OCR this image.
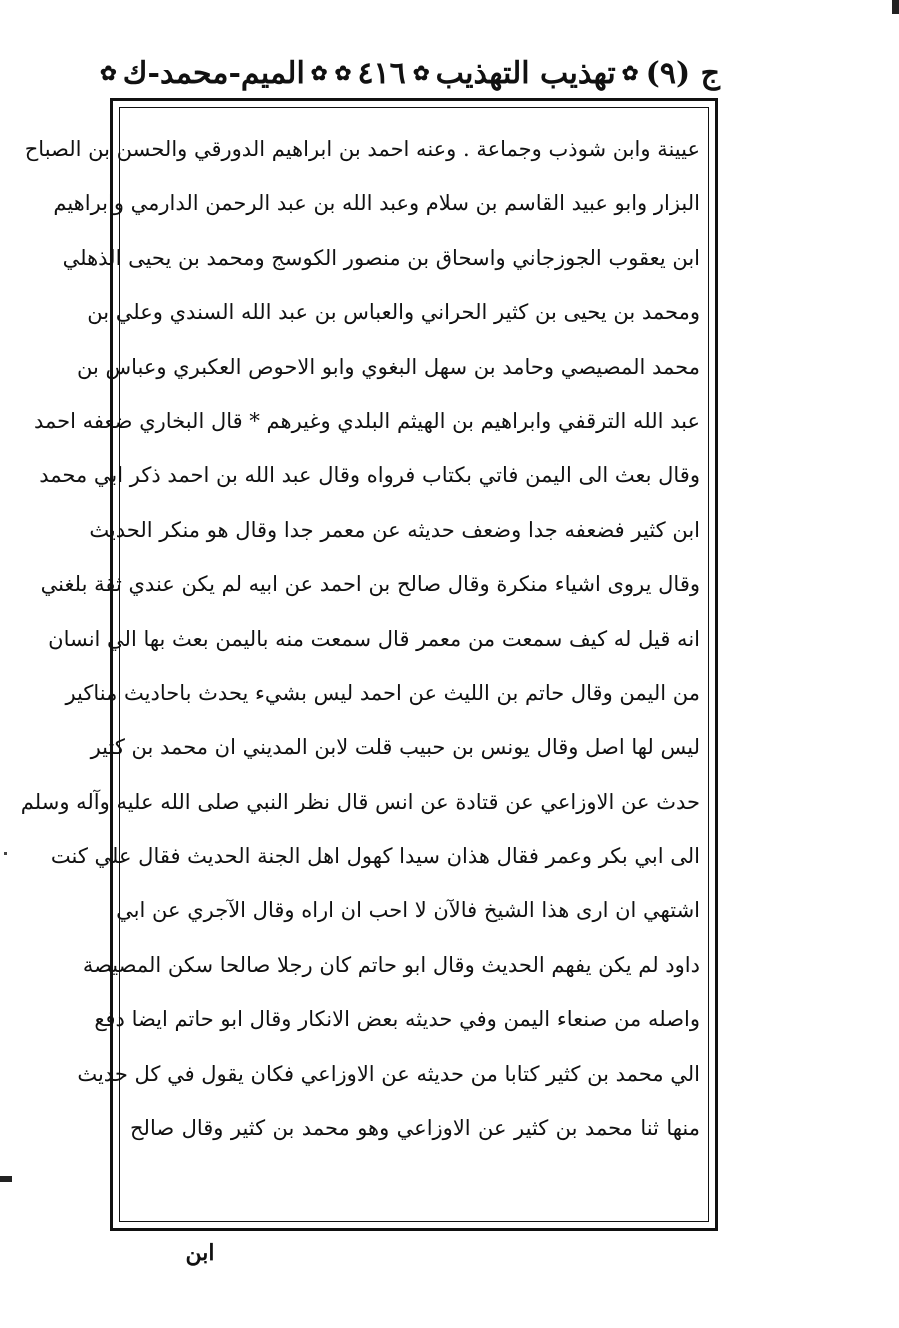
ج (٩)
✿
تهذيب التهذيب
✿
٤١٦
✿
✿
الميم-محمد-ك
✿
عيينة وابن شوذب وجماعة . وعنه احمد بن ابراهيم الدورقي والحسن بن الصباح
البزار وابو عبيد القاسم بن سلام وعبد الله بن عبد الرحمن الدارمي وابراهيم
ابن يعقوب الجوزجاني واسحاق بن منصور الكوسج ومحمد بن يحيى الذهلي
ومحمد بن يحيى بن كثير الحراني والعباس بن عبد الله السندي وعلي بن
محمد المصيصي وحامد بن سهل البغوي وابو الاحوص العكبري وعباس بن
عبد الله الترقفي وابراهيم بن الهيثم البلدي وغيرهم * قال البخاري ضعفه احمد
وقال بعث الى اليمن فاتي بكتاب فرواه وقال عبد الله بن احمد ذكر ابي محمد
ابن كثير فضعفه جدا وضعف حديثه عن معمر جدا وقال هو منكر الحديث
وقال يروى اشياء منكرة وقال صالح بن احمد عن ابيه لم يكن عندي ثقة بلغني
انه قيل له كيف سمعت من معمر قال سمعت منه باليمن بعث بها الي انسان
من اليمن وقال حاتم بن الليث عن احمد ليس بشيء يحدث باحاديث مناكير
ليس لها اصل وقال يونس بن حبيب قلت لابن المديني ان محمد بن كثير
حدث عن الاوزاعي عن قتادة عن انس قال نظر النبي صلى الله عليه وآله وسلم
الى ابي بكر وعمر فقال هذان سيدا كهول اهل الجنة الحديث فقال علي كنت
اشتهي ان ارى هذا الشيخ فالآن لا احب ان اراه وقال الآجري عن ابي
داود لم يكن يفهم الحديث وقال ابو حاتم كان رجلا صالحا سكن المصيصة
واصله من صنعاء اليمن وفي حديثه بعض الانكار وقال ابو حاتم ايضا دفع
الي محمد بن كثير كتابا من حديثه عن الاوزاعي فكان يقول في كل حديث
منها ثنا محمد بن كثير عن الاوزاعي وهو محمد بن كثير وقال صالح
ابن
